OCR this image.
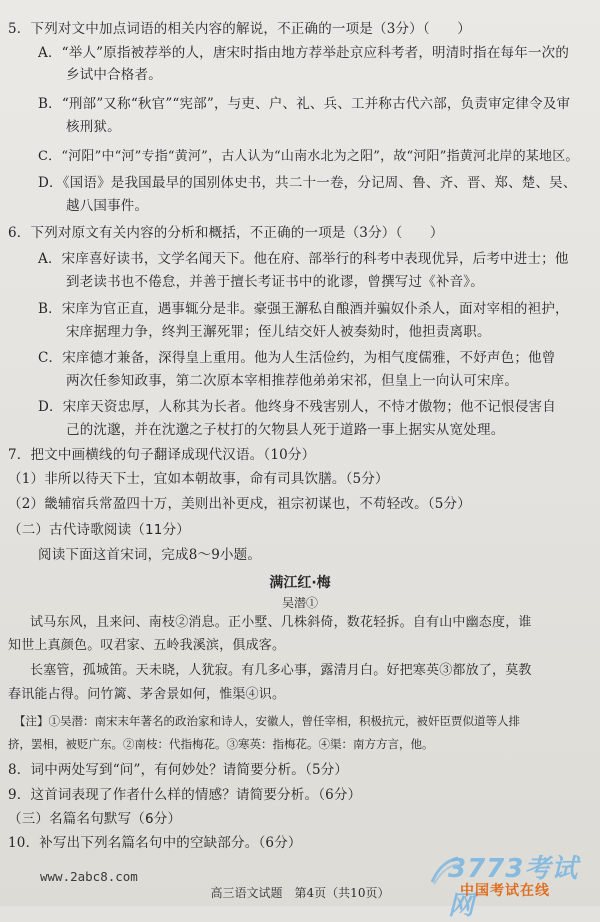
5．下列对文中加点词语的相关内容的解说，不正确的一项是（3分）（　　）
A．“举人”原指被荐举的人，唐宋时指由地方荐举赴京应科考者，明清时指在每年一次的
乡试中合格者。
B．“刑部”又称“秋官”“宪部”，与吏、户、礼、兵、工并称古代六部，负责审定律令及审
核刑狱。
C．“河阳”中“河”专指“黄河”，古人认为“山南水北为之阳”，故“河阳”指黄河北岸的某地区。
D．《国语》是我国最早的国别体史书，共二十一卷，分记周、鲁、齐、晋、郑、楚、吴、
越八国事件。
6．下列对原文有关内容的分析和概括，不正确的一项是（3分）（　　）
A．宋庠喜好读书，文学名闻天下。他在府、部举行的科考中表现优异，后考中进士；他
到老读书也不倦怠，并善于擅长考证书中的讹谬，曾撰写过《补音》。
B．宋庠为官正直，遇事辄分是非。豪强王澥私自酿酒并骗奴仆杀人，面对宰相的袒护，
宋庠据理力争，终判王澥死罪；侄儿结交奸人被奏劾时，他担责离职。
C．宋庠德才兼备，深得皇上重用。他为人生活俭约，为相气度儒雅，不妤声色；他曾
两次任参知政事，第二次原本宰相推荐他弟弟宋祁，但皇上一向认可宋庠。
D．宋庠天资忠厚，人称其为长者。他终身不残害别人，不恃才傲物；他不记恨侵害自
己的沈邈，并在沈邈之子杖打的欠物县人死于道路一事上据实从宽处理。
7．把文中画横线的句子翻译成现代汉语。（10分）
（1）非所以待天下士，宜如本朝故事，命有司具饮膳。（5分）
（2）畿辅宿兵常盈四十万，美则出补更戍，祖宗初谋也，不苟轻改。（5分）
（二）古代诗歌阅读（11分）
阅读下面这首宋词，完成8～9小题。
满江红·梅
吴潜①
试马东风，且来问、南枝②消息。正小墅、几株斜倚，数花轻拆。自有山中幽态度，谁
知世上真颜色。叹君家、五岭我溪滨，俱成客。
长塞管，孤城笛。天未晓，人犹寂。有几多心事，露清月白。好把寒英③都放了，莫教
春讯能占得。问竹篱、茅舍景如何，惟渠④识。
【注】①吴潜：南宋末年著名的政治家和诗人，安徽人，曾任宰相，积极抗元，被奸臣贾似道等人排
挤，罢相，被贬广东。②南枝：代指梅花。③寒英：指梅花。④渠：南方方言，他。
8．词中两处写到“问”，有何妙处？请简要分析。（5分）
9．这首词表现了作者什么样的情感？请简要分析。（6分）
（三）名篇名句默写（6分）
10．补写出下列名篇名句中的空缺部分。（6分）
www.2abc8.com	3773考试网
中国考试在线
高三语文试题　第4页（共10页）
